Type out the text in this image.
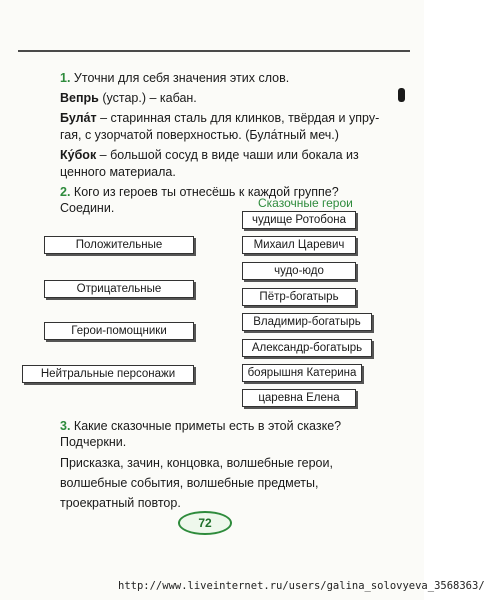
1. Уточни для себя значения этих слов.
Вепрь (устар.) – кабан.
Була́т – старинная сталь для клинков, твёрдая и упру-
гая, с узорчатой поверхностью. (Була́тный меч.)
Ку́бок – большой сосуд в виде чаши или бокала из
ценного материала.
2. Кого из героев ты отнесёшь к каждой группе?
Соедини.	Сказочные герои
Положительные
Отрицательные
Герои-помощники
Нейтральные персонажи
чудище Ротобона
Михаил Царевич
чудо-юдо
Пётр-богатырь
Владимир-богатырь
Александр-богатырь
боярышня Катерина
царевна Елена
3. Какие сказочные приметы есть в этой сказке?
Подчеркни.
Присказка, зачин, концовка, волшебные герои,
волшебные события, волшебные предметы,
троекратный повтор.
72
http://www.liveinternet.ru/users/galina_solovyeva_3568363/
